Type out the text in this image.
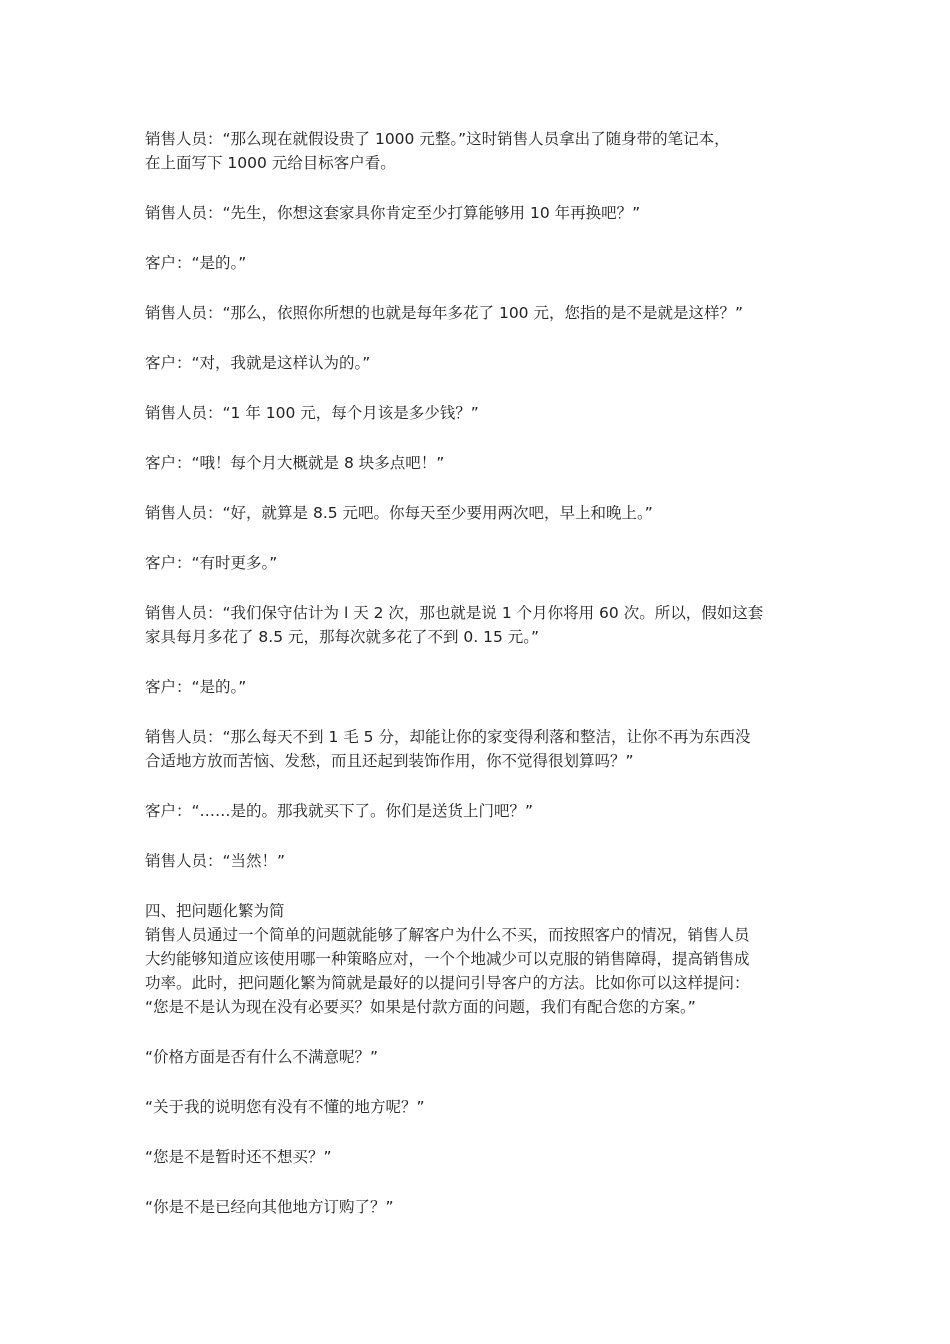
销售人员：“那么现在就假设贵了 1000 元整。”这时销售人员拿出了随身带的笔记本，
在上面写下 1000 元给目标客户看。

销售人员：“先生，你想这套家具你肯定至少打算能够用 10 年再换吧？”

客户：“是的。”

销售人员：“那么，依照你所想的也就是每年多花了 100 元，您指的是不是就是这样？”

客户：“对，我就是这样认为的。”

销售人员：“1 年 100 元，每个月该是多少钱？”

客户：“哦！每个月大概就是 8 块多点吧！”

销售人员：“好，就算是 8.5 元吧。你每天至少要用两次吧，早上和晚上。”

客户：“有时更多。”

销售人员：“我们保守估计为 l 天 2 次，那也就是说 1 个月你将用 60 次。所以，假如这套
家具每月多花了 8.5 元，那每次就多花了不到 0. 15 元。”

客户：“是的。”

销售人员：“那么每天不到 1 毛 5 分，却能让你的家变得利落和整洁，让你不再为东西没
合适地方放而苦恼、发愁，而且还起到装饰作用，你不觉得很划算吗？”

客户：“……是的。那我就买下了。你们是送货上门吧？”

销售人员：“当然！”

四、把问题化繁为简

销售人员通过一个简单的问题就能够了解客户为什么不买，而按照客户的情况，销售人员
大约能够知道应该使用哪一种策略应对，一个个地减少可以克服的销售障碍，提高销售成
功率。此时，把问题化繁为简就是最好的以提问引导客户的方法。比如你可以这样提问：
“您是不是认为现在没有必要买？如果是付款方面的问题，我们有配合您的方案。”

“价格方面是否有什么不满意呢？”

“关于我的说明您有没有不懂的地方呢？”

“您是不是暂时还不想买？”

“你是不是已经向其他地方订购了？”
